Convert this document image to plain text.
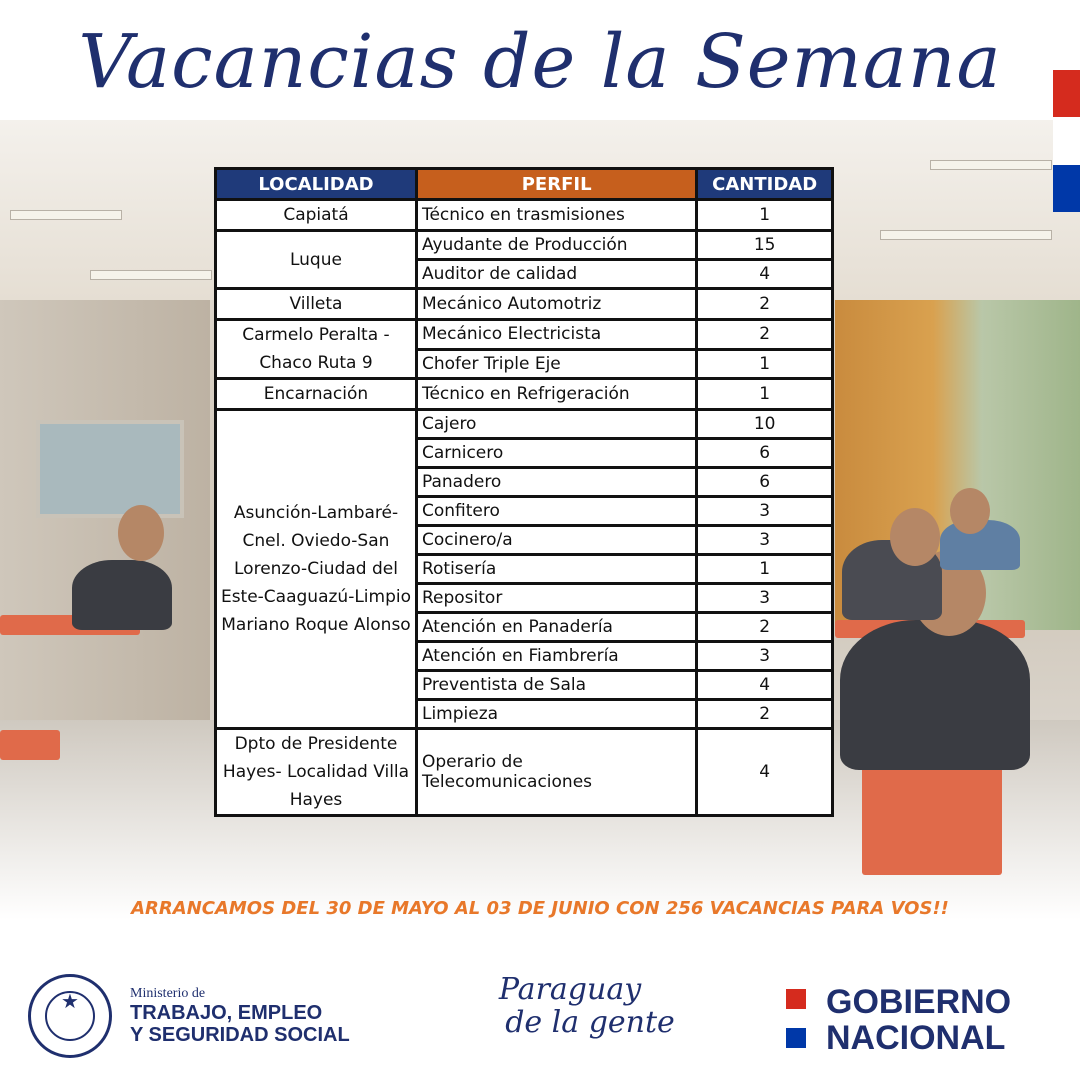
Vacancias de la Semana
LOCALIDAD	PERFIL	CANTIDAD
Capiatá	Técnico en trasmisiones	1
Luque	Ayudante de Producción	15
	Auditor de calidad	4
Villeta	Mecánico Automotriz	2
Carmelo Peralta - Chaco Ruta 9	Mecánico Electricista	2
	Chofer Triple Eje	1
Encarnación	Técnico en Refrigeración	1
Asunción-Lambaré-Cnel. Oviedo-San Lorenzo-Ciudad del Este-Caaguazú-Limpio Mariano Roque Alonso	Cajero	10
	Carnicero	6
	Panadero	6
	Confitero	3
	Cocinero/a	3
	Rotisería	1
	Repositor	3
	Atención en Panadería	2
	Atención en Fiambrería	3
	Preventista de Sala	4
	Limpieza	2
Dpto de Presidente Hayes- Localidad Villa Hayes	Operario de Telecomunicaciones	4
ARRANCAMOS DEL 30 DE MAYO AL 03 DE JUNIO CON 256 VACANCIAS PARA VOS!!
★	Ministerio de
TRABAJO, EMPLEO
Y SEGURIDAD SOCIAL
Paraguay
de la gente
GOBIERNO
NACIONAL
